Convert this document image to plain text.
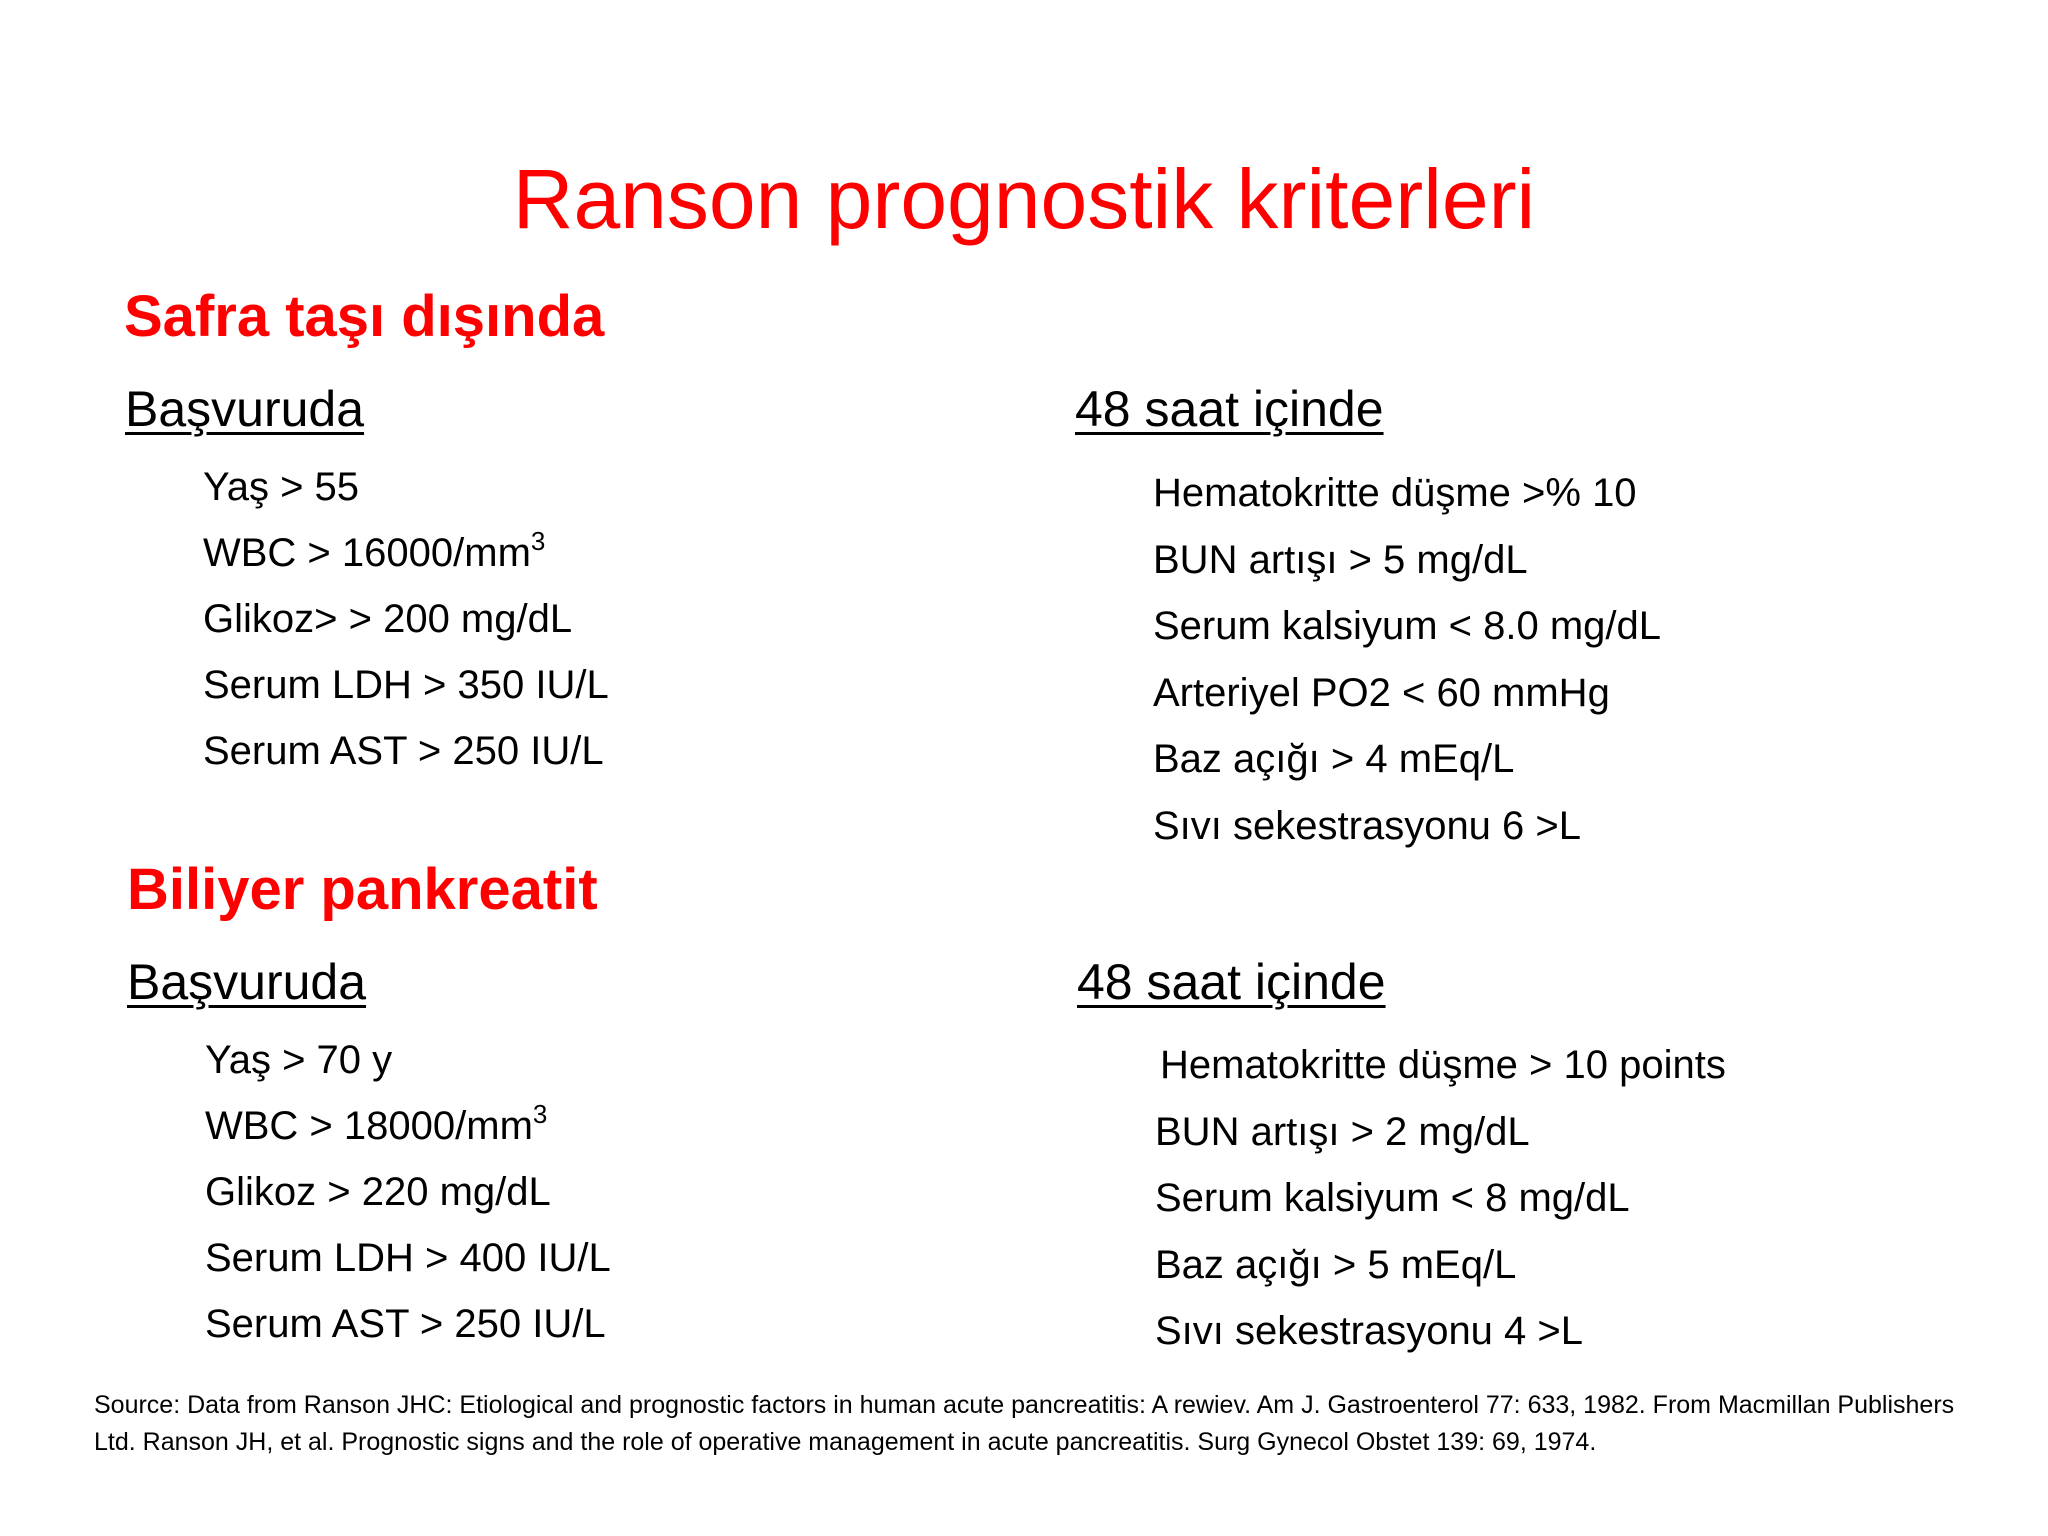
Ranson prognostik kriterleri
Safra taşı dışında
Başvuruda
Yaş > 55
WBC > $16000/mm^3$
Glikoz> > 200 mg/dL
Serum LDH > 350 IU/L
Serum AST > 250 IU/L
48 saat içinde
Hematokritte düşme >% 10
BUN artışı > 5 mg/dL
Serum kalsiyum < 8.0 mg/dL
Arteriyel PO2 < 60 mmHg
Baz açığı > 4 mEq/L
Sıvı sekestrasyonu 6 >L
Biliyer pankreatit
Başvuruda
Yaş > 70 y
WBC > $18000/mm^3$
Glikoz > 220 mg/dL
Serum LDH > 400 IU/L
Serum AST > 250 IU/L
48 saat içinde
Hematokritte düşme > 10 points
BUN artışı > 2 mg/dL
Serum kalsiyum < 8 mg/dL
Baz açığı > 5 mEq/L
Sıvı sekestrasyonu 4 >L
Source: Data from Ranson JHC: Etiological and prognostic factors in human acute pancreatitis: A rewiev. Am J. Gastroenterol 77: 633, 1982. From Macmillan Publishers Ltd. Ranson JH, et al. Prognostic signs and the role of operative management in acute pancreatitis. Surg Gynecol Obstet 139: 69, 1974.
